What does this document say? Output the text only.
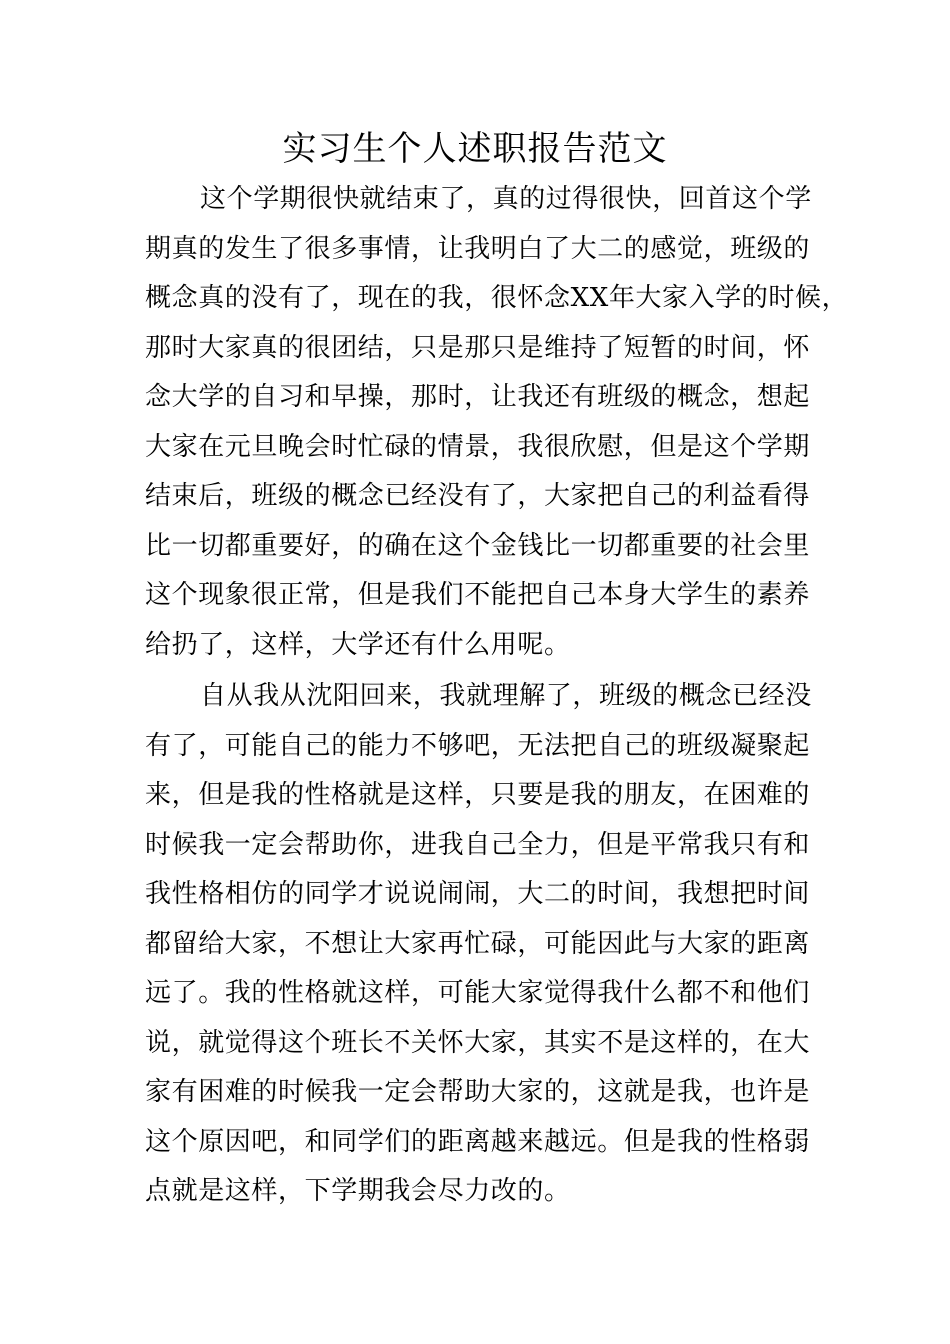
实习生个人述职报告范文
这个学期很快就结束了，真的过得很快，回首这个学
期真的发生了很多事情，让我明白了大二的感觉，班级的
概念真的没有了，现在的我，很怀念XX年大家入学的时候，
那时大家真的很团结，只是那只是维持了短暂的时间，怀
念大学的自习和早操，那时，让我还有班级的概念，想起
大家在元旦晚会时忙碌的情景，我很欣慰，但是这个学期
结束后，班级的概念已经没有了，大家把自己的利益看得
比一切都重要好，的确在这个金钱比一切都重要的社会里
这个现象很正常，但是我们不能把自己本身大学生的素养
给扔了，这样，大学还有什么用呢。
自从我从沈阳回来，我就理解了，班级的概念已经没
有了，可能自己的能力不够吧，无法把自己的班级凝聚起
来，但是我的性格就是这样，只要是我的朋友，在困难的
时候我一定会帮助你，进我自己全力，但是平常我只有和
我性格相仿的同学才说说闹闹，大二的时间，我想把时间
都留给大家，不想让大家再忙碌，可能因此与大家的距离
远了。我的性格就这样，可能大家觉得我什么都不和他们
说，就觉得这个班长不关怀大家，其实不是这样的，在大
家有困难的时候我一定会帮助大家的，这就是我，也许是
这个原因吧，和同学们的距离越来越远。但是我的性格弱
点就是这样，下学期我会尽力改的。
